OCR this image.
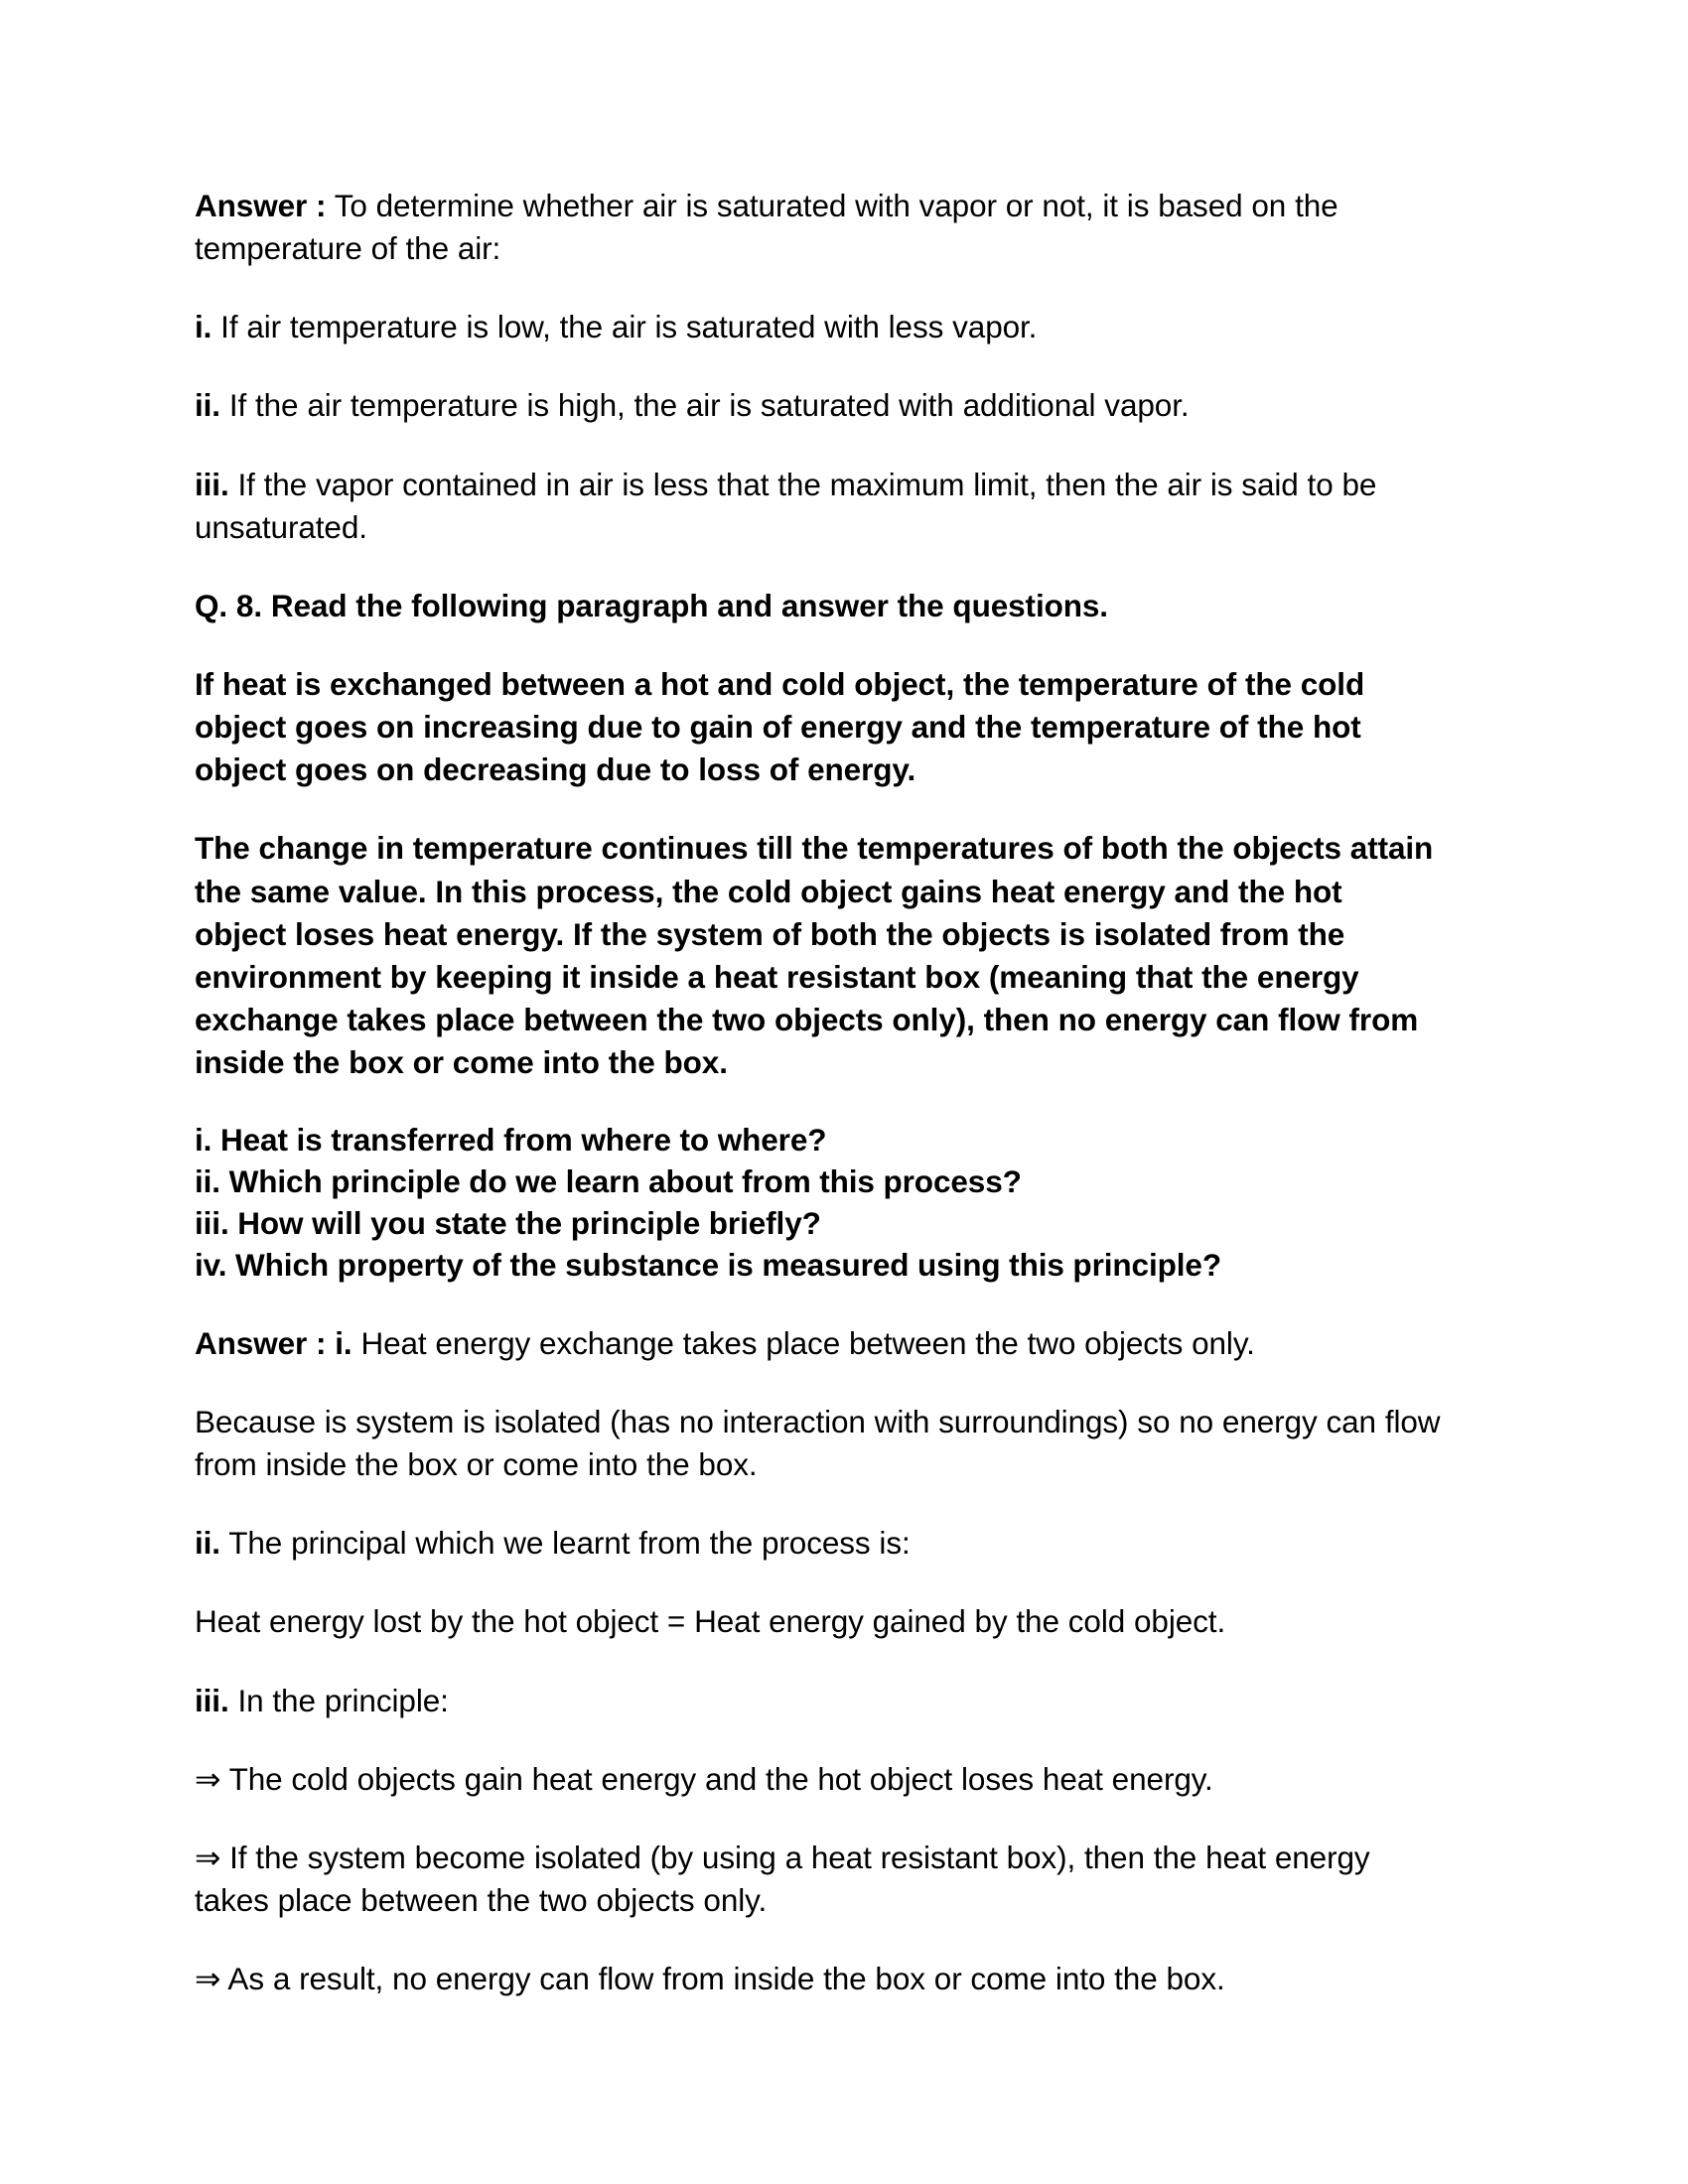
Answer : To determine whether air is saturated with vapor or not, it is based on the temperature of the air:

i. If air temperature is low, the air is saturated with less vapor.

ii. If the air temperature is high, the air is saturated with additional vapor.

iii. If the vapor contained in air is less that the maximum limit, then the air is said to be unsaturated.

Q. 8. Read the following paragraph and answer the questions.

If heat is exchanged between a hot and cold object, the temperature of the cold object goes on increasing due to gain of energy and the temperature of the hot object goes on decreasing due to loss of energy.

The change in temperature continues till the temperatures of both the objects attain the same value. In this process, the cold object gains heat energy and the hot object loses heat energy. If the system of both the objects is isolated from the environment by keeping it inside a heat resistant box (meaning that the energy exchange takes place between the two objects only), then no energy can flow from inside the box or come into the box.

i. Heat is transferred from where to where?
ii. Which principle do we learn about from this process?
iii. How will you state the principle briefly?
iv. Which property of the substance is measured using this principle?

Answer : i. Heat energy exchange takes place between the two objects only.

Because is system is isolated (has no interaction with surroundings) so no energy can flow from inside the box or come into the box.

ii. The principal which we learnt from the process is:

Heat energy lost by the hot object = Heat energy gained by the cold object.

iii. In the principle:

⇒ The cold objects gain heat energy and the hot object loses heat energy.

⇒ If the system become isolated (by using a heat resistant box), then the heat energy takes place between the two objects only.

⇒ As a result, no energy can flow from inside the box or come into the box.
